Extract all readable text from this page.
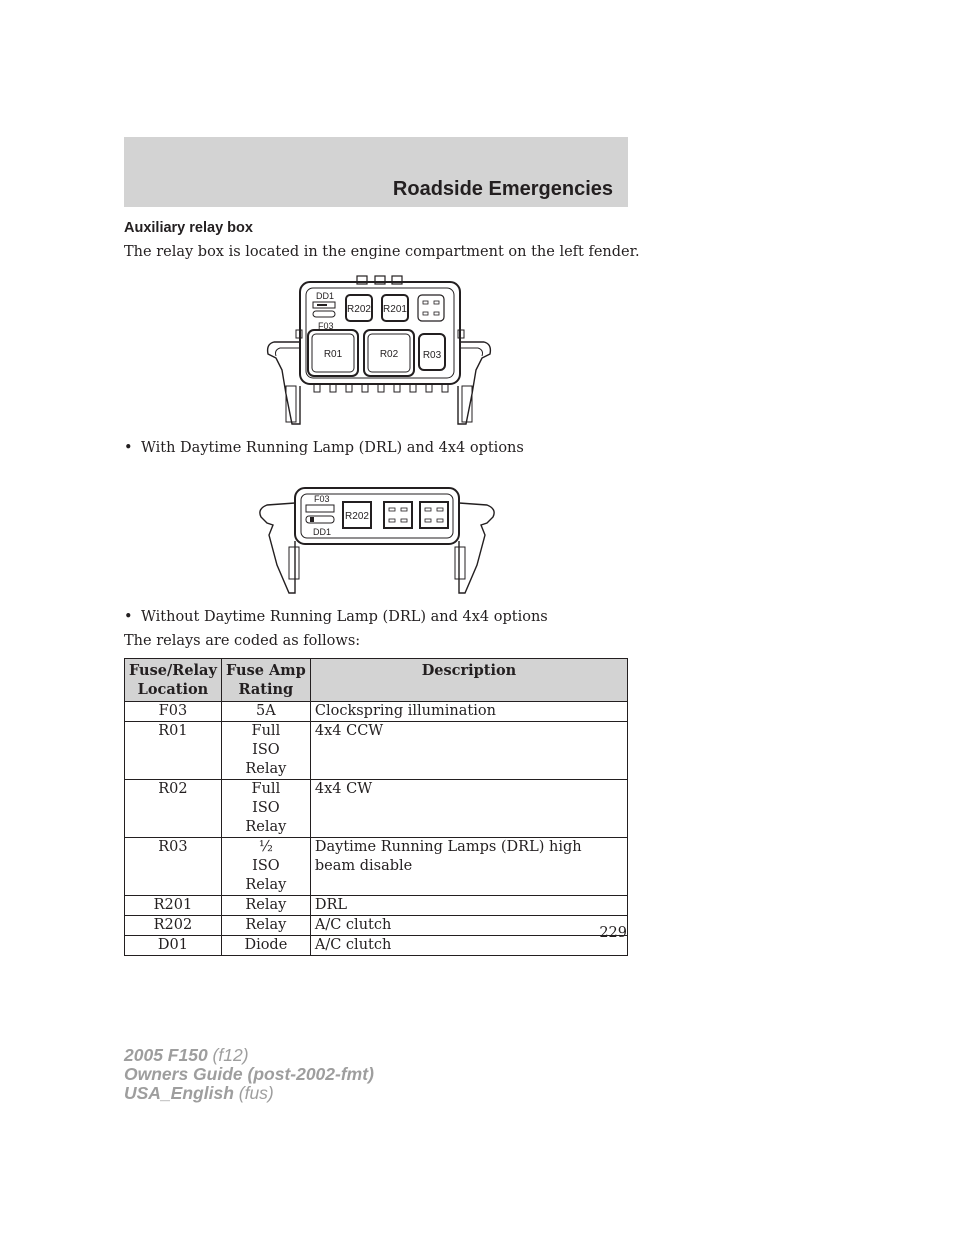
Roadside Emergencies
Auxiliary relay box
The relay box is located in the engine compartment on the left fender.
DD1
F03
R202 R201
R01	R02 R03
• With Daytime Running Lamp (DRL) and 4x4 options
F03
DD1
R202
• Without Daytime Running Lamp (DRL) and 4x4 options
The relays are coded as follows:
Fuse/Relay Location	Fuse Amp Rating	Description
F03	5A	Clockspring illumination
R01	Full ISO Relay	4x4 CCW
R02	Full ISO Relay	4x4 CW
R03	½ ISO Relay	Daytime Running Lamps (DRL) high beam disable
R201	Relay	DRL
R202	Relay	A/C clutch
D01	Diode	A/C clutch
229
2005 F150 (f12)
Owners Guide (post-2002-fmt)
USA_English (fus)
